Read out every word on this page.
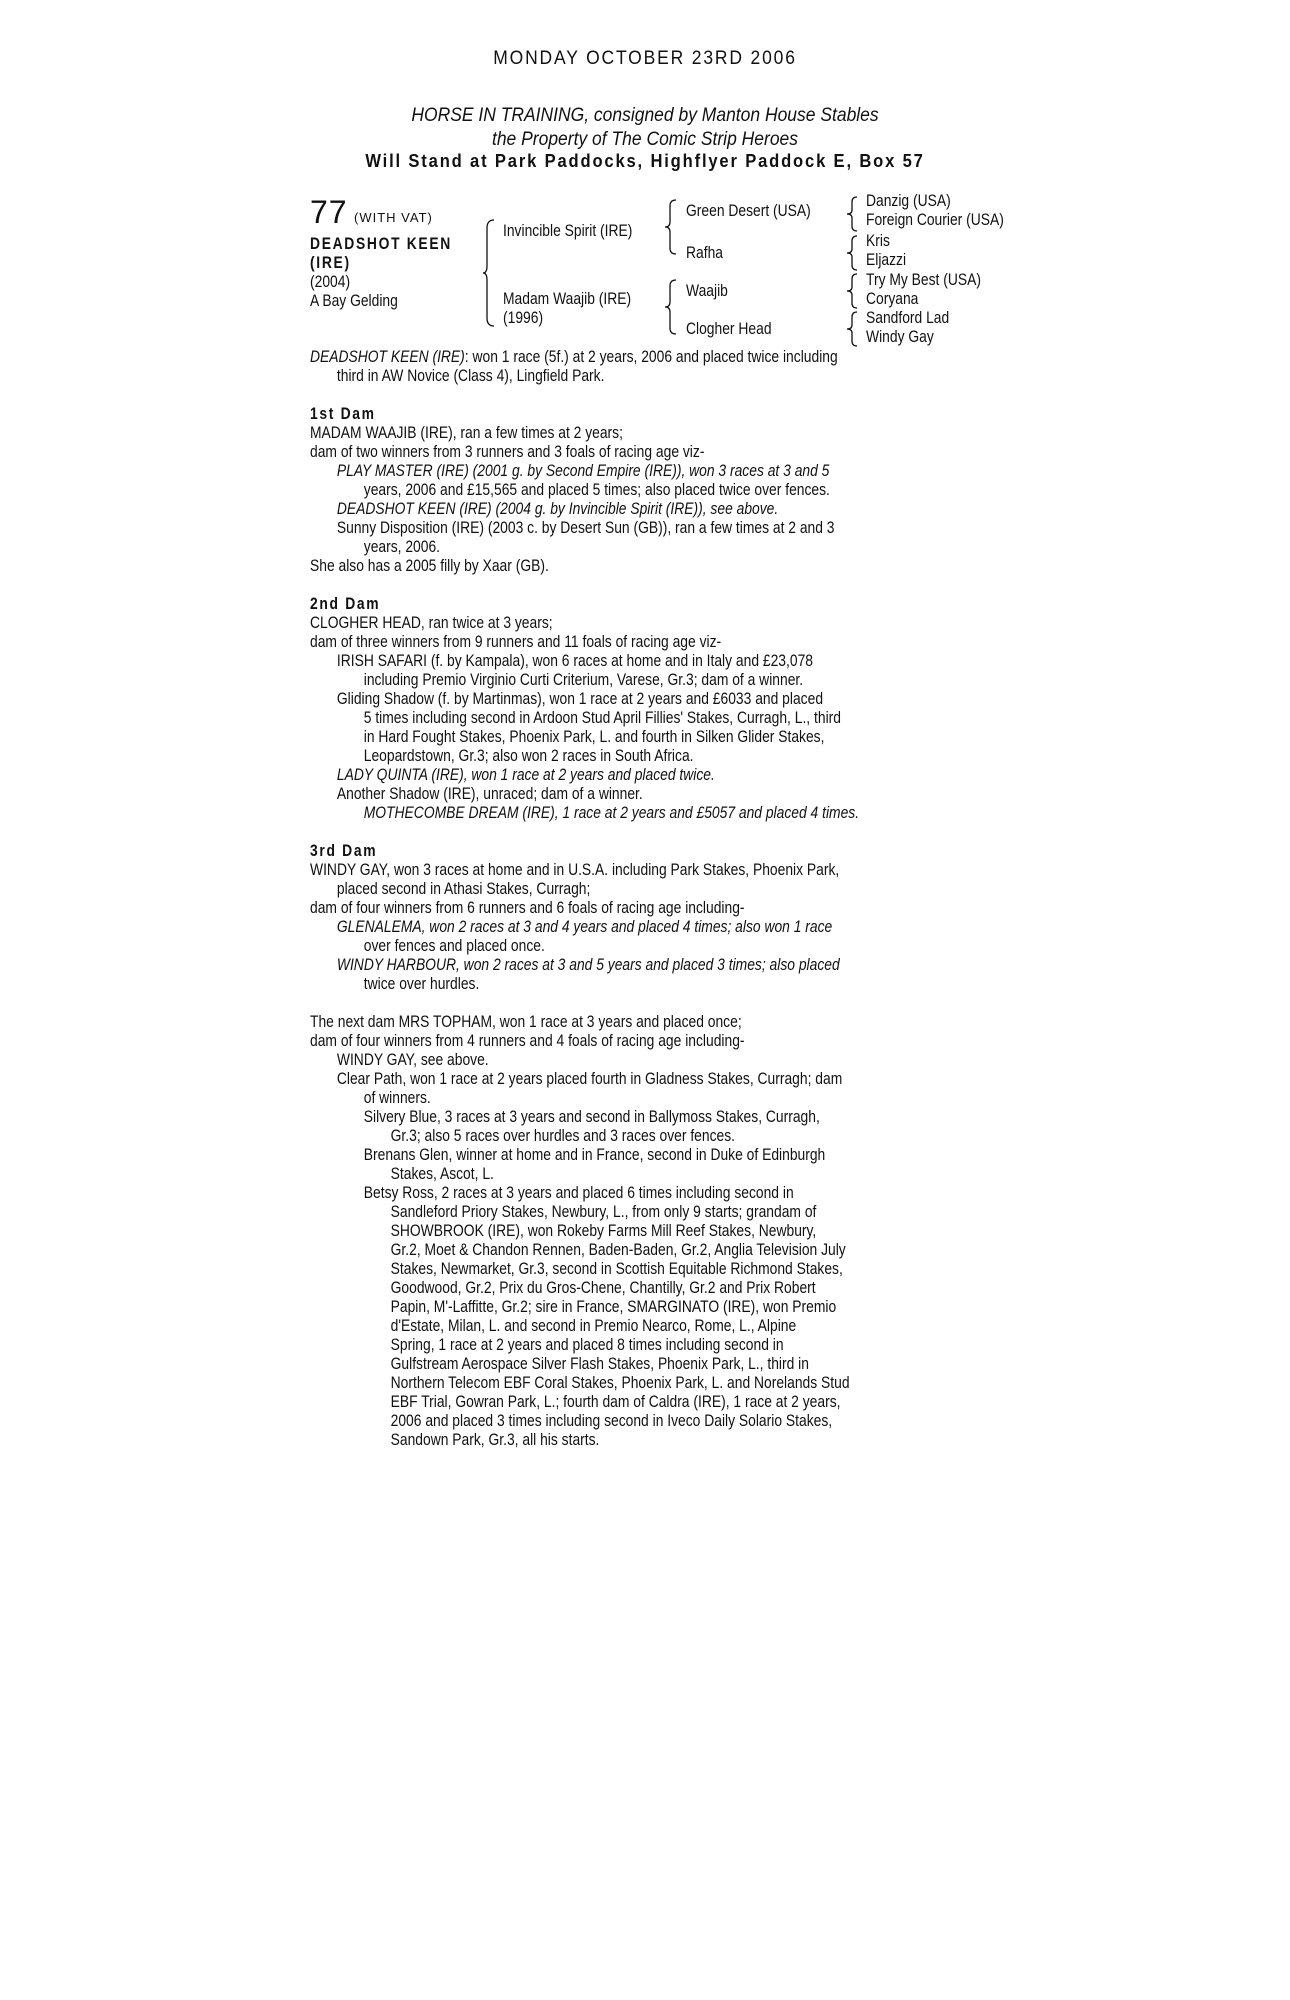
MONDAY OCTOBER 23RD 2006
HORSE IN TRAINING, consigned by Manton House Stables
the Property of The Comic Strip Heroes
Will Stand at Park Paddocks, Highflyer Paddock E, Box 57
77 (WITH VAT)
DEADSHOT KEEN
(IRE)
(2004)
A Bay Gelding
Invincible Spirit (IRE)
Madam Waajib (IRE)
(1996)
Green Desert (USA)
Rafha
Waajib
Clogher Head
Danzig (USA)
Foreign Courier (USA)
Kris
Eljazzi
Try My Best (USA)
Coryana
Sandford Lad
Windy Gay
DEADSHOT KEEN (IRE): won 1 race (5f.) at 2 years, 2006 and placed twice including
third in AW Novice (Class 4), Lingfield Park.
1st Dam
MADAM WAAJIB (IRE), ran a few times at 2 years;
dam of two winners from 3 runners and 3 foals of racing age viz-
PLAY MASTER (IRE) (2001 g. by Second Empire (IRE)), won 3 races at 3 and 5
years, 2006 and £15,565 and placed 5 times; also placed twice over fences.
DEADSHOT KEEN (IRE) (2004 g. by Invincible Spirit (IRE)), see above.
Sunny Disposition (IRE) (2003 c. by Desert Sun (GB)), ran a few times at 2 and 3
years, 2006.
She also has a 2005 filly by Xaar (GB).
2nd Dam
CLOGHER HEAD, ran twice at 3 years;
dam of three winners from 9 runners and 11 foals of racing age viz-
IRISH SAFARI (f. by Kampala), won 6 races at home and in Italy and £23,078
including Premio Virginio Curti Criterium, Varese, Gr.3; dam of a winner.
Gliding Shadow (f. by Martinmas), won 1 race at 2 years and £6033 and placed
5 times including second in Ardoon Stud April Fillies' Stakes, Curragh, L., third
in Hard Fought Stakes, Phoenix Park, L. and fourth in Silken Glider Stakes,
Leopardstown, Gr.3; also won 2 races in South Africa.
LADY QUINTA (IRE), won 1 race at 2 years and placed twice.
Another Shadow (IRE), unraced; dam of a winner.
MOTHECOMBE DREAM (IRE), 1 race at 2 years and £5057 and placed 4 times.
3rd Dam
WINDY GAY, won 3 races at home and in U.S.A. including Park Stakes, Phoenix Park,
placed second in Athasi Stakes, Curragh;
dam of four winners from 6 runners and 6 foals of racing age including-
GLENALEMA, won 2 races at 3 and 4 years and placed 4 times; also won 1 race
over fences and placed once.
WINDY HARBOUR, won 2 races at 3 and 5 years and placed 3 times; also placed
twice over hurdles.
The next dam MRS TOPHAM, won 1 race at 3 years and placed once;
dam of four winners from 4 runners and 4 foals of racing age including-
WINDY GAY, see above.
Clear Path, won 1 race at 2 years placed fourth in Gladness Stakes, Curragh; dam
of winners.
Silvery Blue, 3 races at 3 years and second in Ballymoss Stakes, Curragh,
Gr.3; also 5 races over hurdles and 3 races over fences.
Brenans Glen, winner at home and in France, second in Duke of Edinburgh
Stakes, Ascot, L.
Betsy Ross, 2 races at 3 years and placed 6 times including second in
Sandleford Priory Stakes, Newbury, L., from only 9 starts; grandam of
SHOWBROOK (IRE), won Rokeby Farms Mill Reef Stakes, Newbury,
Gr.2, Moet & Chandon Rennen, Baden-Baden, Gr.2, Anglia Television July
Stakes, Newmarket, Gr.3, second in Scottish Equitable Richmond Stakes,
Goodwood, Gr.2, Prix du Gros-Chene, Chantilly, Gr.2 and Prix Robert
Papin, M'-Laffitte, Gr.2; sire in France, SMARGINATO (IRE), won Premio
d'Estate, Milan, L. and second in Premio Nearco, Rome, L., Alpine
Spring, 1 race at 2 years and placed 8 times including second in
Gulfstream Aerospace Silver Flash Stakes, Phoenix Park, L., third in
Northern Telecom EBF Coral Stakes, Phoenix Park, L. and Norelands Stud
EBF Trial, Gowran Park, L.; fourth dam of Caldra (IRE), 1 race at 2 years,
2006 and placed 3 times including second in Iveco Daily Solario Stakes,
Sandown Park, Gr.3, all his starts.
